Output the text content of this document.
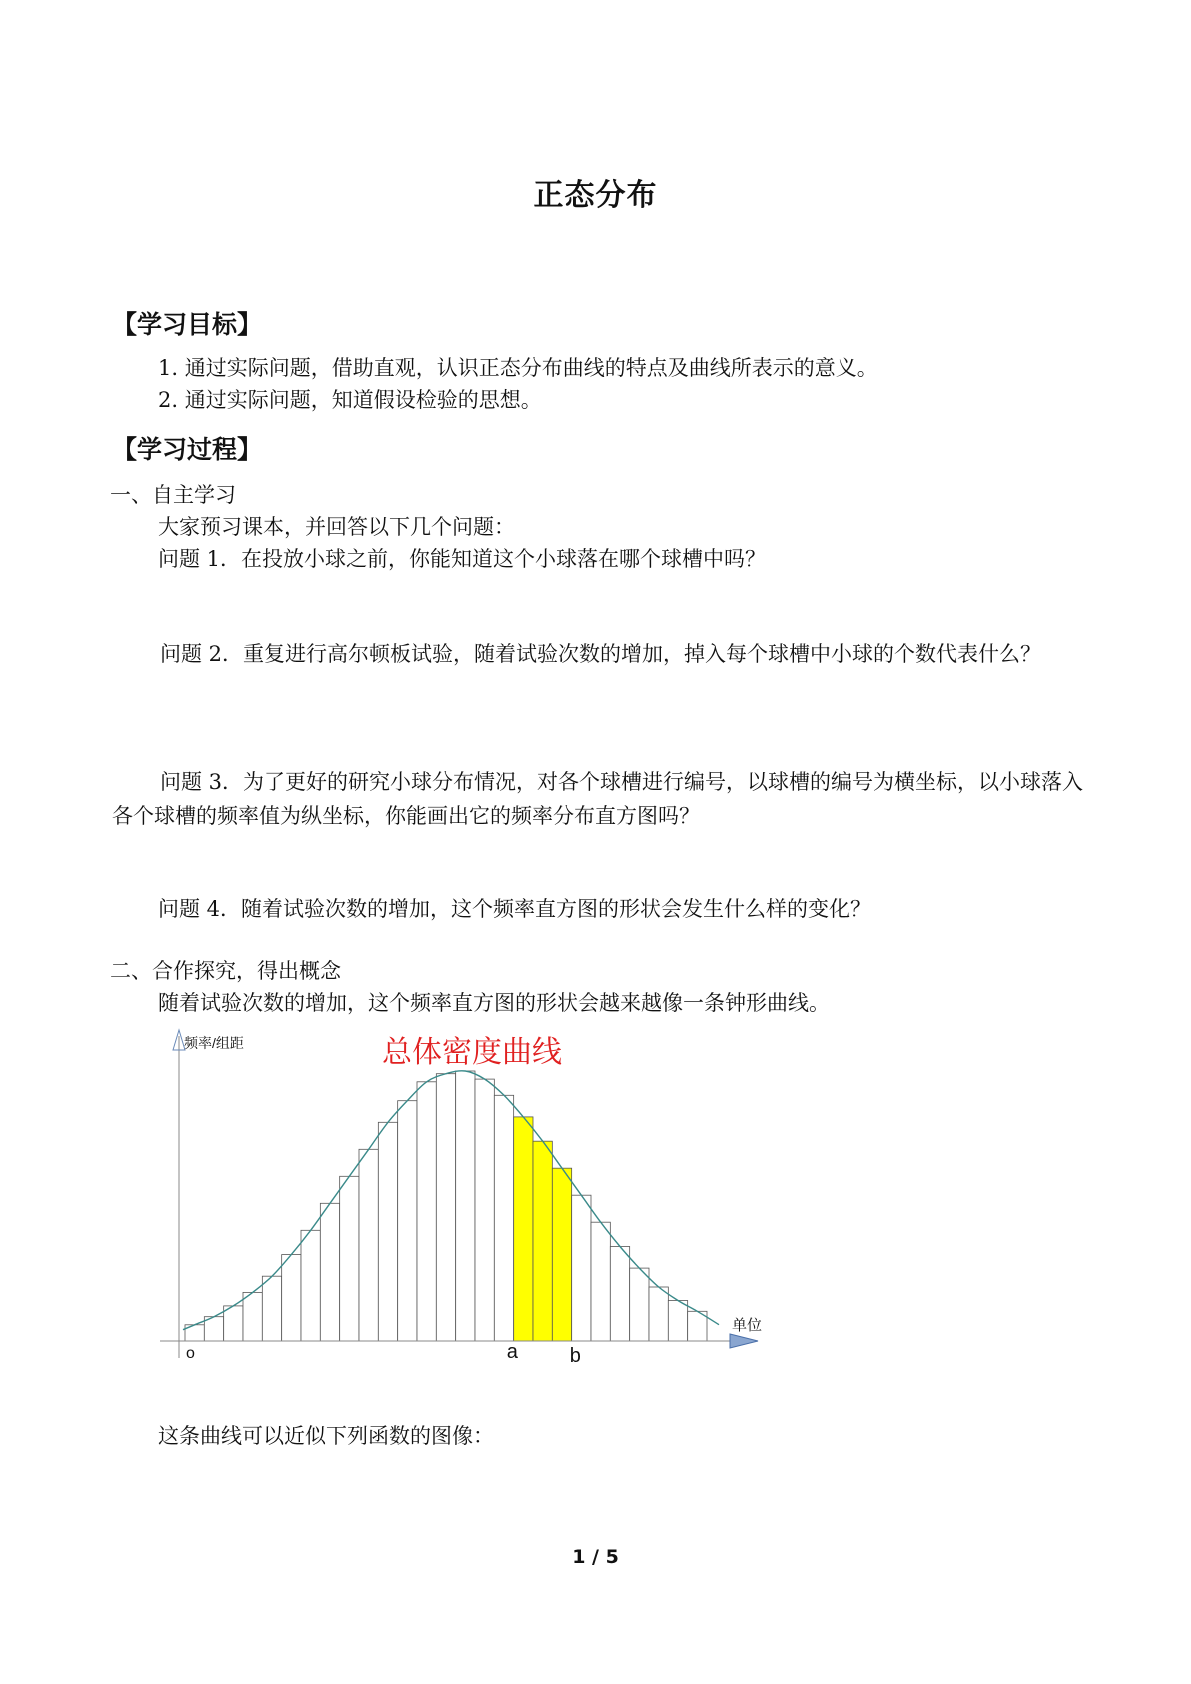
正态分布
【学习目标】
1. 通过实际问题，借助直观，认识正态分布曲线的特点及曲线所表示的意义。
2. 通过实际问题，知道假设检验的思想。
【学习过程】
一、自主学习
大家预习课本，并回答以下几个问题：
问题 1．在投放小球之前，你能知道这个小球落在哪个球槽中吗？
问题 2．重复进行高尔顿板试验，随着试验次数的增加，掉入每个球槽中小球的个数代表什么？
问题 3．为了更好的研究小球分布情况，对各个球槽进行编号，以球槽的编号为横坐标，以小球落入各个球槽的频率值为纵坐标，你能画出它的频率分布直方图吗？
问题 4．随着试验次数的增加，这个频率直方图的形状会发生什么样的变化？
二、合作探究，得出概念
随着试验次数的增加，这个频率直方图的形状会越来越像一条钟形曲线。
总体密度曲线
频率/组距
单位
o	a	b
这条曲线可以近似下列函数的图像：
1 / 5
